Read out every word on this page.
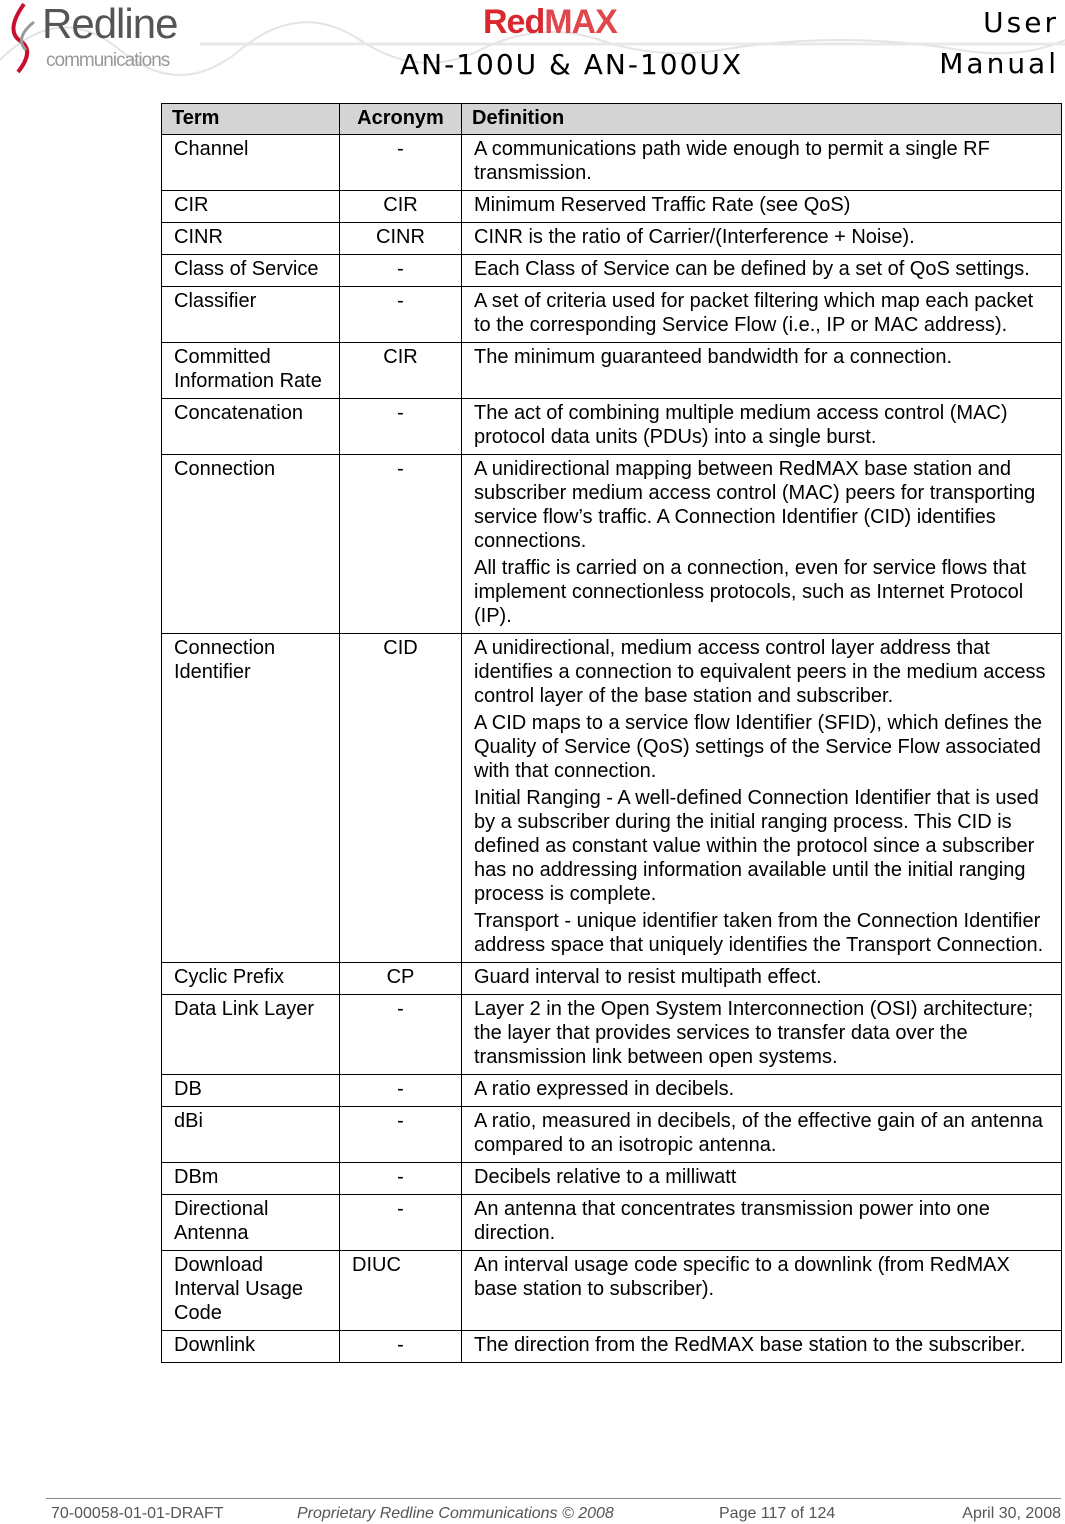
Redline
communications
RedMAX
AN-100U & AN-100UX
User
Manual
Term	Acronym	Definition
Channel	-	A communications path wide enough to permit a single RF transmission.

CIR	CIR	Minimum Reserved Traffic Rate (see QoS)

CINR	CINR	CINR is the ratio of Carrier/(Interference + Noise).

Class of Service	-	Each Class of Service can be defined by a set of QoS settings.

Classifier	-	A set of criteria used for packet filtering which map each packet to the corresponding Service Flow (i.e., IP or MAC address).

Committed Information Rate	CIR	The minimum guaranteed bandwidth for a connection.

Concatenation	-	The act of combining multiple medium access control (MAC) protocol data units (PDUs) into a single burst.

Connection	-	A unidirectional mapping between RedMAX base station and subscriber medium access control (MAC) peers for transporting service flow’s traffic. A Connection Identifier (CID) identifies connections.

All traffic is carried on a connection, even for service flows that implement connectionless protocols, such as Internet Protocol (IP).

Connection Identifier	CID	A unidirectional, medium access control layer address that identifies a connection to equivalent peers in the medium access control layer of the base station and subscriber.

A CID maps to a service flow Identifier (SFID), which defines the Quality of Service (QoS) settings of the Service Flow associated with that connection.

Initial Ranging - A well-defined Connection Identifier that is used by a subscriber during the initial ranging process. This CID is defined as constant value within the protocol since a subscriber has no addressing information available until the initial ranging process is complete.

Transport - unique identifier taken from the Connection Identifier address space that uniquely identifies the Transport Connection.

Cyclic Prefix	CP	Guard interval to resist multipath effect.

Data Link Layer	-	Layer 2 in the Open System Interconnection (OSI) architecture; the layer that provides services to transfer data over the transmission link between open systems.

DB	-	A ratio expressed in decibels.

dBi	-	A ratio, measured in decibels, of the effective gain of an antenna compared to an isotropic antenna.

DBm	-	Decibels relative to a milliwatt

Directional Antenna	-	An antenna that concentrates transmission power into one direction.

Download Interval Usage Code	DIUC	An interval usage code specific to a downlink (from RedMAX base station to subscriber).

Downlink	-	The direction from the RedMAX base station to the subscriber.

70-00058-01-01-DRAFT	Proprietary Redline Communications © 2008	Page 117 of 124	April 30, 2008
